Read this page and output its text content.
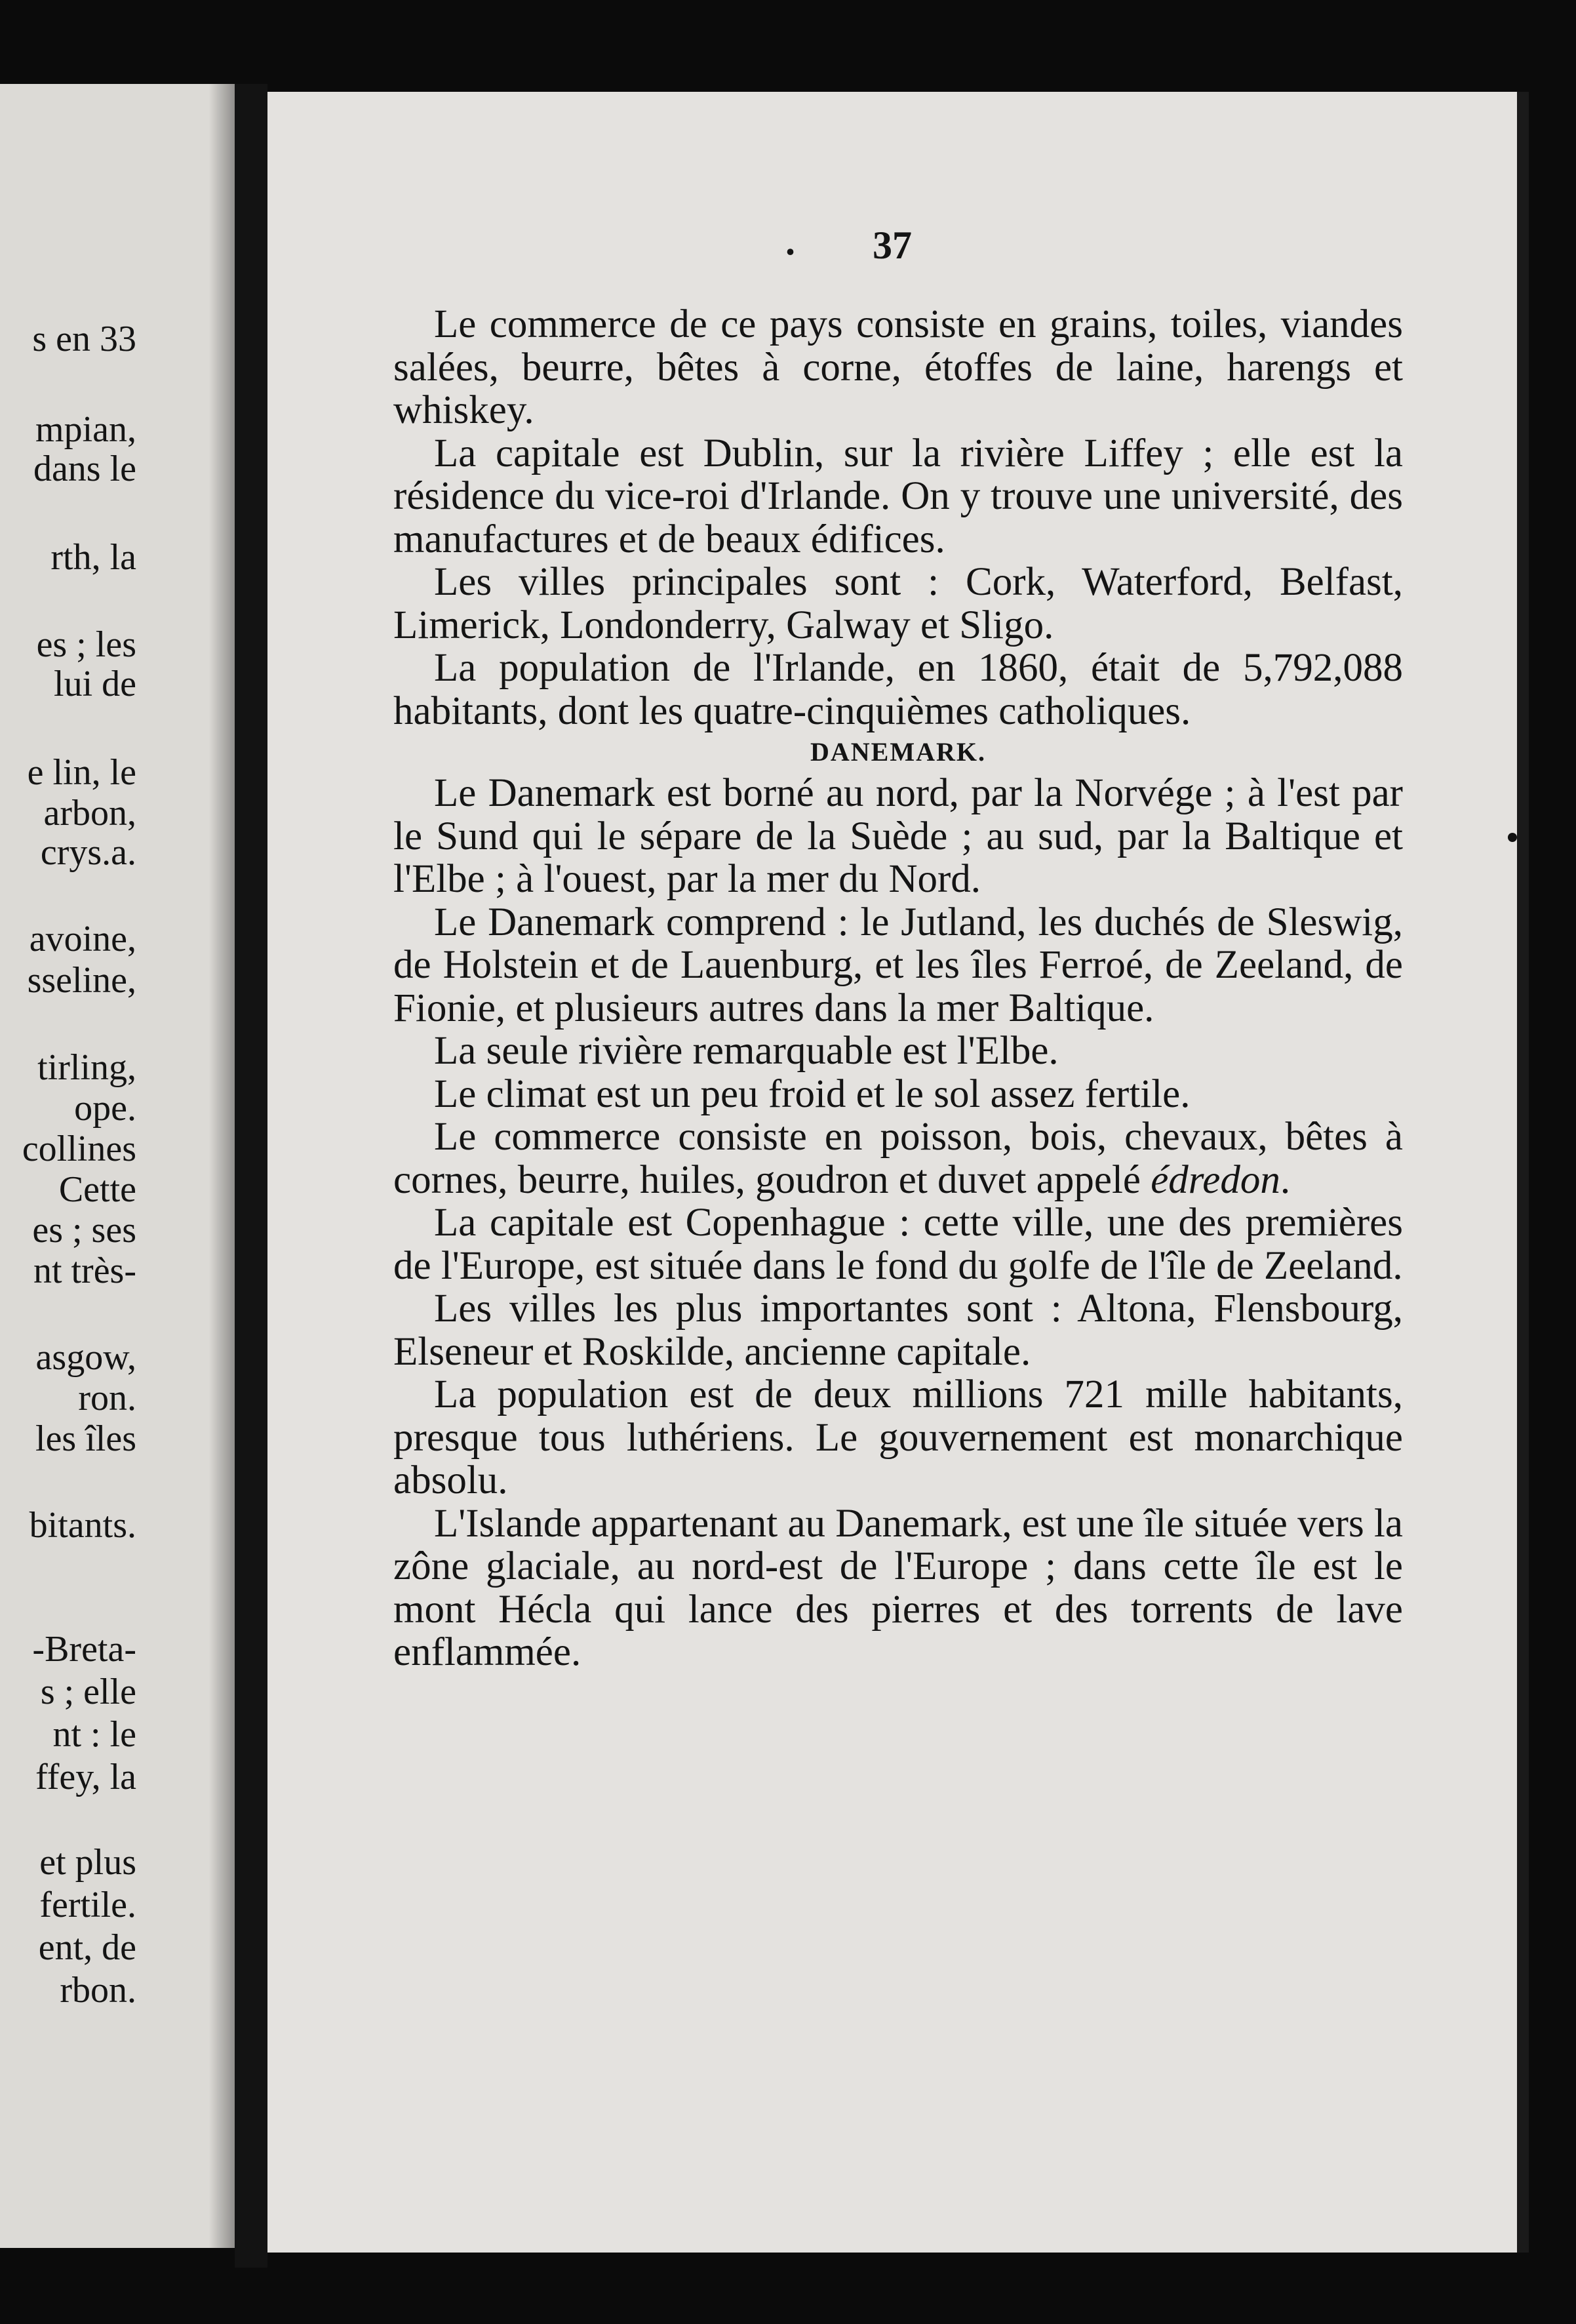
s en 33
mpian,
dans le
rth, la
es ; les
lui de
e lin, le
arbon,
crys.a.
avoine,
sseline,
tirling,
ope.
collines
Cette
es ; ses
nt très-
asgow,
ron.
les îles
bitants.
-Breta-
s ; elle
nt : le
ffey, la
et plus
fertile.
ent, de
rbon.
. 37

Le commerce de ce pays consiste en grains, toiles, viandes salées, beurre, bêtes à corne, étoffes de laine, harengs et whiskey.

La capitale est Dublin, sur la rivière Liffey ; elle est la résidence du vice-roi d'Irlande. On y trouve une université, des manufactures et de beaux édifices.

Les villes principales sont : Cork, Waterford, Belfast, Limerick, Londonderry, Galway et Sligo.

La population de l'Irlande, en 1860, était de 5,792,088 habitants, dont les quatre-cinquièmes catholiques.

DANEMARK.

Le Danemark est borné au nord, par la Norvége ; à l'est par le Sund qui le sépare de la Suède ; au sud, par la Baltique et l'Elbe ; à l'ouest, par la mer du Nord.

Le Danemark comprend : le Jutland, les duchés de Sleswig, de Holstein et de Lauenburg, et les îles Ferroé, de Zeeland, de Fionie, et plusieurs autres dans la mer Baltique.

La seule rivière remarquable est l'Elbe.

Le climat est un peu froid et le sol assez fertile.

Le commerce consiste en poisson, bois, chevaux, bêtes à cornes, beurre, huiles, goudron et duvet appelé édredon.

La capitale est Copenhague : cette ville, une des premières de l'Europe, est située dans le fond du golfe de l'île de Zeeland.

Les villes les plus importantes sont : Altona, Flensbourg, Elseneur et Roskilde, ancienne capitale.

La population est de deux millions 721 mille habitants, presque tous luthériens. Le gouvernement est monarchique absolu.

L'Islande appartenant au Danemark, est une île située vers la zône glaciale, au nord-est de l'Europe ; dans cette île est le mont Hécla qui lance des pierres et des torrents de lave enflammée.
